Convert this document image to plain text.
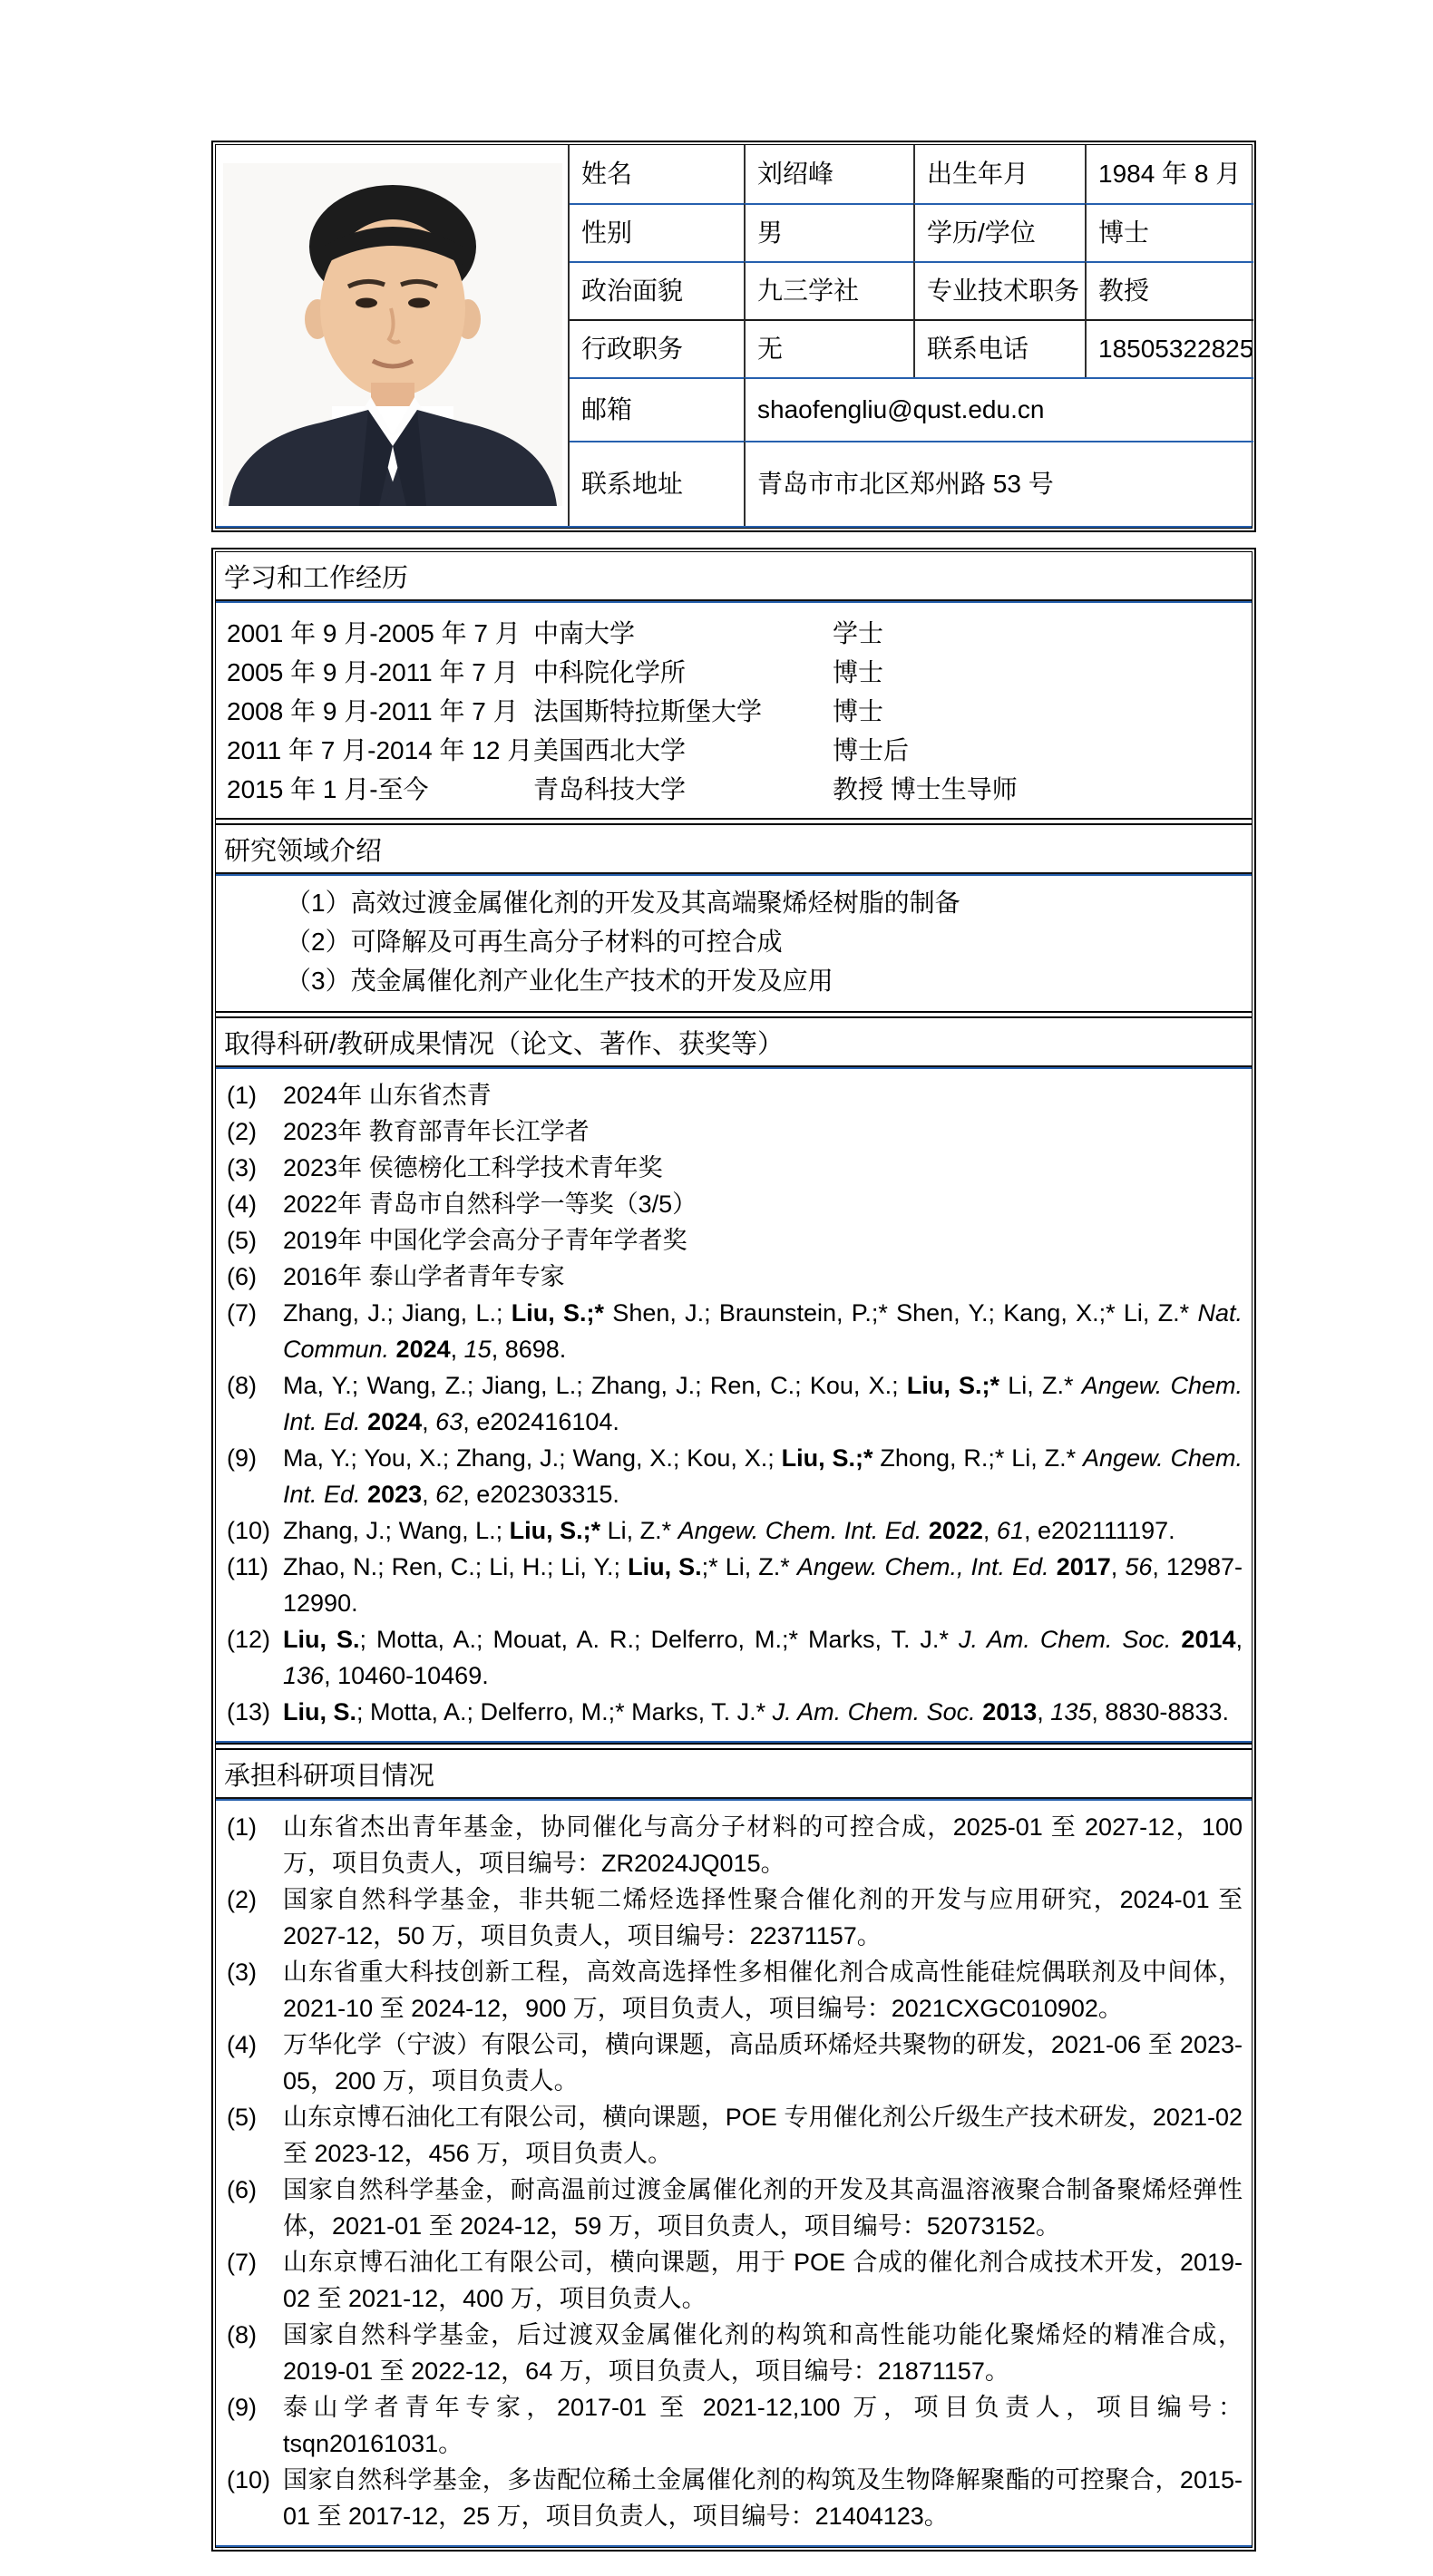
姓名	刘绍峰	出生年月	1984 年 8 月
性别	男	学历/学位	博士
政治面貌	九三学社	专业技术职务 教授
行政职务	无	联系电话	18505322825
邮箱	shaofengliu@qust.edu.cn
联系地址	青岛市市北区郑州路 53 号
学习和工作经历
2001 年 9 月-2005 年 7 月 中南大学	学士
2005 年 9 月-2011 年 7 月 中科院化学所	博士
2008 年 9 月-2011 年 7 月 法国斯特拉斯堡大学	博士
2011 年 7 月-2014 年 12 月 美国西北大学	博士后
2015 年 1 月-至今	青岛科技大学	教授 博士生导师
研究领域介绍
（1）高效过渡金属催化剂的开发及其高端聚烯烃树脂的制备
（2）可降解及可再生高分子材料的可控合成
（3）茂金属催化剂产业化生产技术的开发及应用
取得科研/教研成果情况（论文、著作、获奖等）
(1)	2024年 山东省杰青
(2)	2023年 教育部青年长江学者
(3)	2023年 侯德榜化工科学技术青年奖
(4)	2022年 青岛市自然科学一等奖（3/5）
(5)	2019年 中国化学会高分子青年学者奖
(6)	2016年 泰山学者青年专家
(7)	Zhang, J.; Jiang, L.; Liu, S.;* Shen, J.; Braunstein, P.;* Shen, Y.; Kang, X.;* Li, Z.* Nat. Commun. 2024, 15, 8698.
(8)	Ma, Y.; Wang, Z.; Jiang, L.; Zhang, J.; Ren, C.; Kou, X.; Liu, S.;* Li, Z.* Angew. Chem. Int. Ed. 2024, 63, e202416104.
(9)	Ma, Y.; You, X.; Zhang, J.; Wang, X.; Kou, X.; Liu, S.;* Zhong, R.;* Li, Z.* Angew. Chem. Int. Ed. 2023, 62, e202303315.
(10) Zhang, J.; Wang, L.; Liu, S.;* Li, Z.* Angew. Chem. Int. Ed. 2022, 61, e202111197.
(11) Zhao, N.; Ren, C.; Li, H.; Li, Y.; Liu, S.;* Li, Z.* Angew. Chem., Int. Ed. 2017, 56, 12987-12990.
(12) Liu, S.; Motta, A.; Mouat, A. R.; Delferro, M.;* Marks, T. J.* J. Am. Chem. Soc. 2014, 136, 10460-10469.
(13) Liu, S.; Motta, A.; Delferro, M.;* Marks, T. J.* J. Am. Chem. Soc. 2013, 135, 8830-8833.
承担科研项目情况
(1)	山东省杰出青年基金，协同催化与高分子材料的可控合成，2025-01 至 2027-12，100 万，项目负责人，项目编号：ZR2024JQ015。
(2)	国家自然科学基金，非共轭二烯烃选择性聚合催化剂的开发与应用研究，2024-01 至 2027-12，50 万，项目负责人，项目编号：22371157。
(3)	山东省重大科技创新工程，高效高选择性多相催化剂合成高性能硅烷偶联剂及中间体，2021-10 至 2024-12，900 万，项目负责人，项目编号：2021CXGC010902。
(4)	万华化学（宁波）有限公司，横向课题，高品质环烯烃共聚物的研发，2021-06 至 2023-05，200 万，项目负责人。
(5)	山东京博石油化工有限公司，横向课题，POE 专用催化剂公斤级生产技术研发，2021-02 至 2023-12，456 万，项目负责人。
(6)	国家自然科学基金，耐高温前过渡金属催化剂的开发及其高温溶液聚合制备聚烯烃弹性体，2021-01 至 2024-12，59 万，项目负责人，项目编号：52073152。
(7)	山东京博石油化工有限公司，横向课题，用于 POE 合成的催化剂合成技术开发，2019-02 至 2021-12，400 万，项目负责人。
(8)	国家自然科学基金，后过渡双金属催化剂的构筑和高性能功能化聚烯烃的精准合成，2019-01 至 2022-12，64 万，项目负责人，项目编号：21871157。
(9)	泰山学者青年专家，2017-01 至 2021-12,100 万，项目负责人，项目编号：tsqn20161031。
(10) 国家自然科学基金，多齿配位稀土金属催化剂的构筑及生物降解聚酯的可控聚合，2015-01 至 2017-12，25 万，项目负责人，项目编号：21404123。
